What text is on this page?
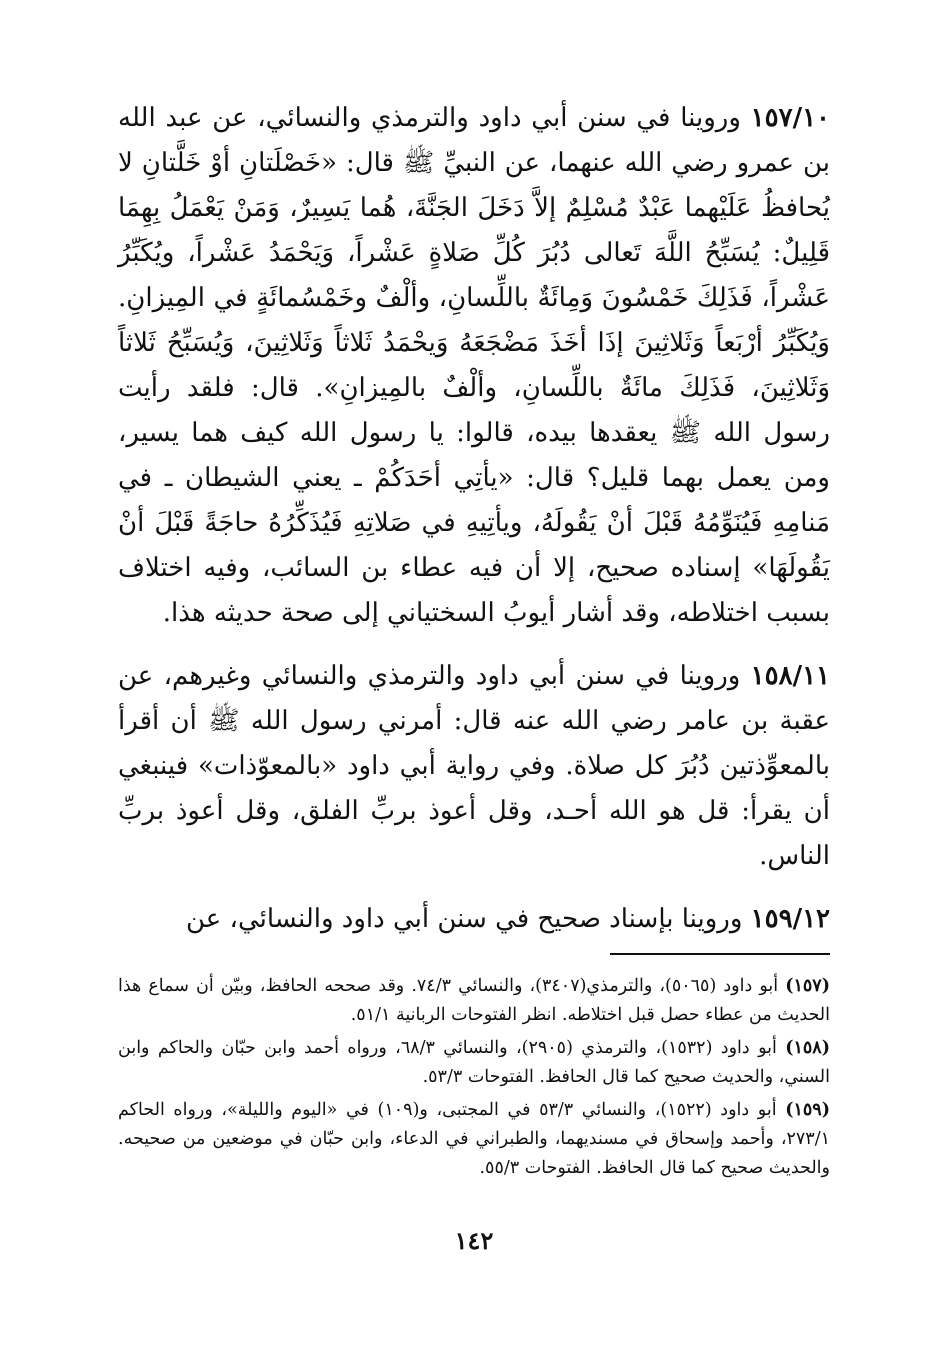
١٥٧/١٠ وروينا في سنن أبي داود والترمذي والنسائي، عن عبد الله بن عمرو رضي الله عنهما، عن النبيِّ ﷺ قال: «خَصْلَتانِ أوْ خَلَّتانِ لا يُحافظُ عَلَيْهما عَبْدٌ مُسْلِمٌ إلاَّ دَخَلَ الجَنَّةَ، هُما يَسِيرٌ، وَمَنْ يَعْمَلُ بِهِمَا قَلِيلٌ: يُسَبِّحُ اللَّهَ تَعالى دُبُرَ كُلِّ صَلاةٍ عَشْراً، وَيَحْمَدُ عَشْراً، ويُكَبِّرُ عَشْراً، فَذَلِكَ خَمْسُونَ وَمِائَةٌ باللِّسانِ، وألْفٌ وخَمْسُمائَةٍ في المِيزانِ. وَيُكَبِّرُ أرْبَعاً وَثَلاثِينَ إذَا أخَذَ مَضْجَعَهُ وَيحْمَدُ ثَلاثاً وَثَلاثِينَ، وَيُسَبِّحُ ثَلاثاً وَثَلاثِينَ، فَذَلِكَ مائَةٌ باللِّسانِ، وألْفٌ بالمِيزانِ». قال: فلقد رأيت رسول الله ﷺ يعقدها بيده، قالوا: يا رسول الله كيف هما يسير، ومن يعمل بهما قليل؟ قال: «يأتِي أحَدَكُمْ ـ يعني الشيطان ـ في مَنامِهِ فَيُنَوِّمُهُ قَبْلَ أنْ يَقُولَهُ، ويأتِيهِ في صَلاتِهِ فَيُذَكِّرُهُ حاجَةً قَبْلَ أنْ يَقُولَهَا» إسناده صحيح، إلا أن فيه عطاء بن السائب، وفيه اختلاف بسبب اختلاطه، وقد أشار أيوبُ السختياني إلى صحة حديثه هذا.

١٥٨/١١ وروينا في سنن أبي داود والترمذي والنسائي وغيرهم، عن عقبة بن عامر رضي الله عنه قال: أمرني رسول الله ﷺ أن أقرأ بالمعوِّذتين دُبُرَ كل صلاة. وفي رواية أبي داود «بالمعوّذات» فينبغي أن يقرأ: قل هو الله أحـد، وقل أعوذ بربِّ الفلق، وقل أعوذ بربِّ الناس.

١٥٩/١٢ وروينا بإسناد صحيح في سنن أبي داود والنسائي، عن

(١٥٧) أبو داود (٥٠٦٥)، والترمذي(٣٤٠٧)، والنسائي ٧٤/٣. وقد صححه الحافظ، وبيّن أن سماع هذا الحديث من عطاء حصل قبل اختلاطه. انظر الفتوحات الربانية ٥١/١.

(١٥٨) أبو داود (١٥٣٢)، والترمذي (٢٩٠٥)، والنسائي ٦٨/٣، ورواه أحمد وابن حبّان والحاكم وابن السني، والحديث صحيح كما قال الحافظ. الفتوحات ٥٣/٣.

(١٥٩) أبو داود (١٥٢٢)، والنسائي ٥٣/٣ في المجتبى، و(١٠٩) في «اليوم والليلة»، ورواه الحاكم ٢٧٣/١، وأحمد وإسحاق في مسنديهما، والطبراني في الدعاء، وابن حبّان في موضعين من صحيحه. والحديث صحيح كما قال الحافظ. الفتوحات ٥٥/٣.

١٤٢
